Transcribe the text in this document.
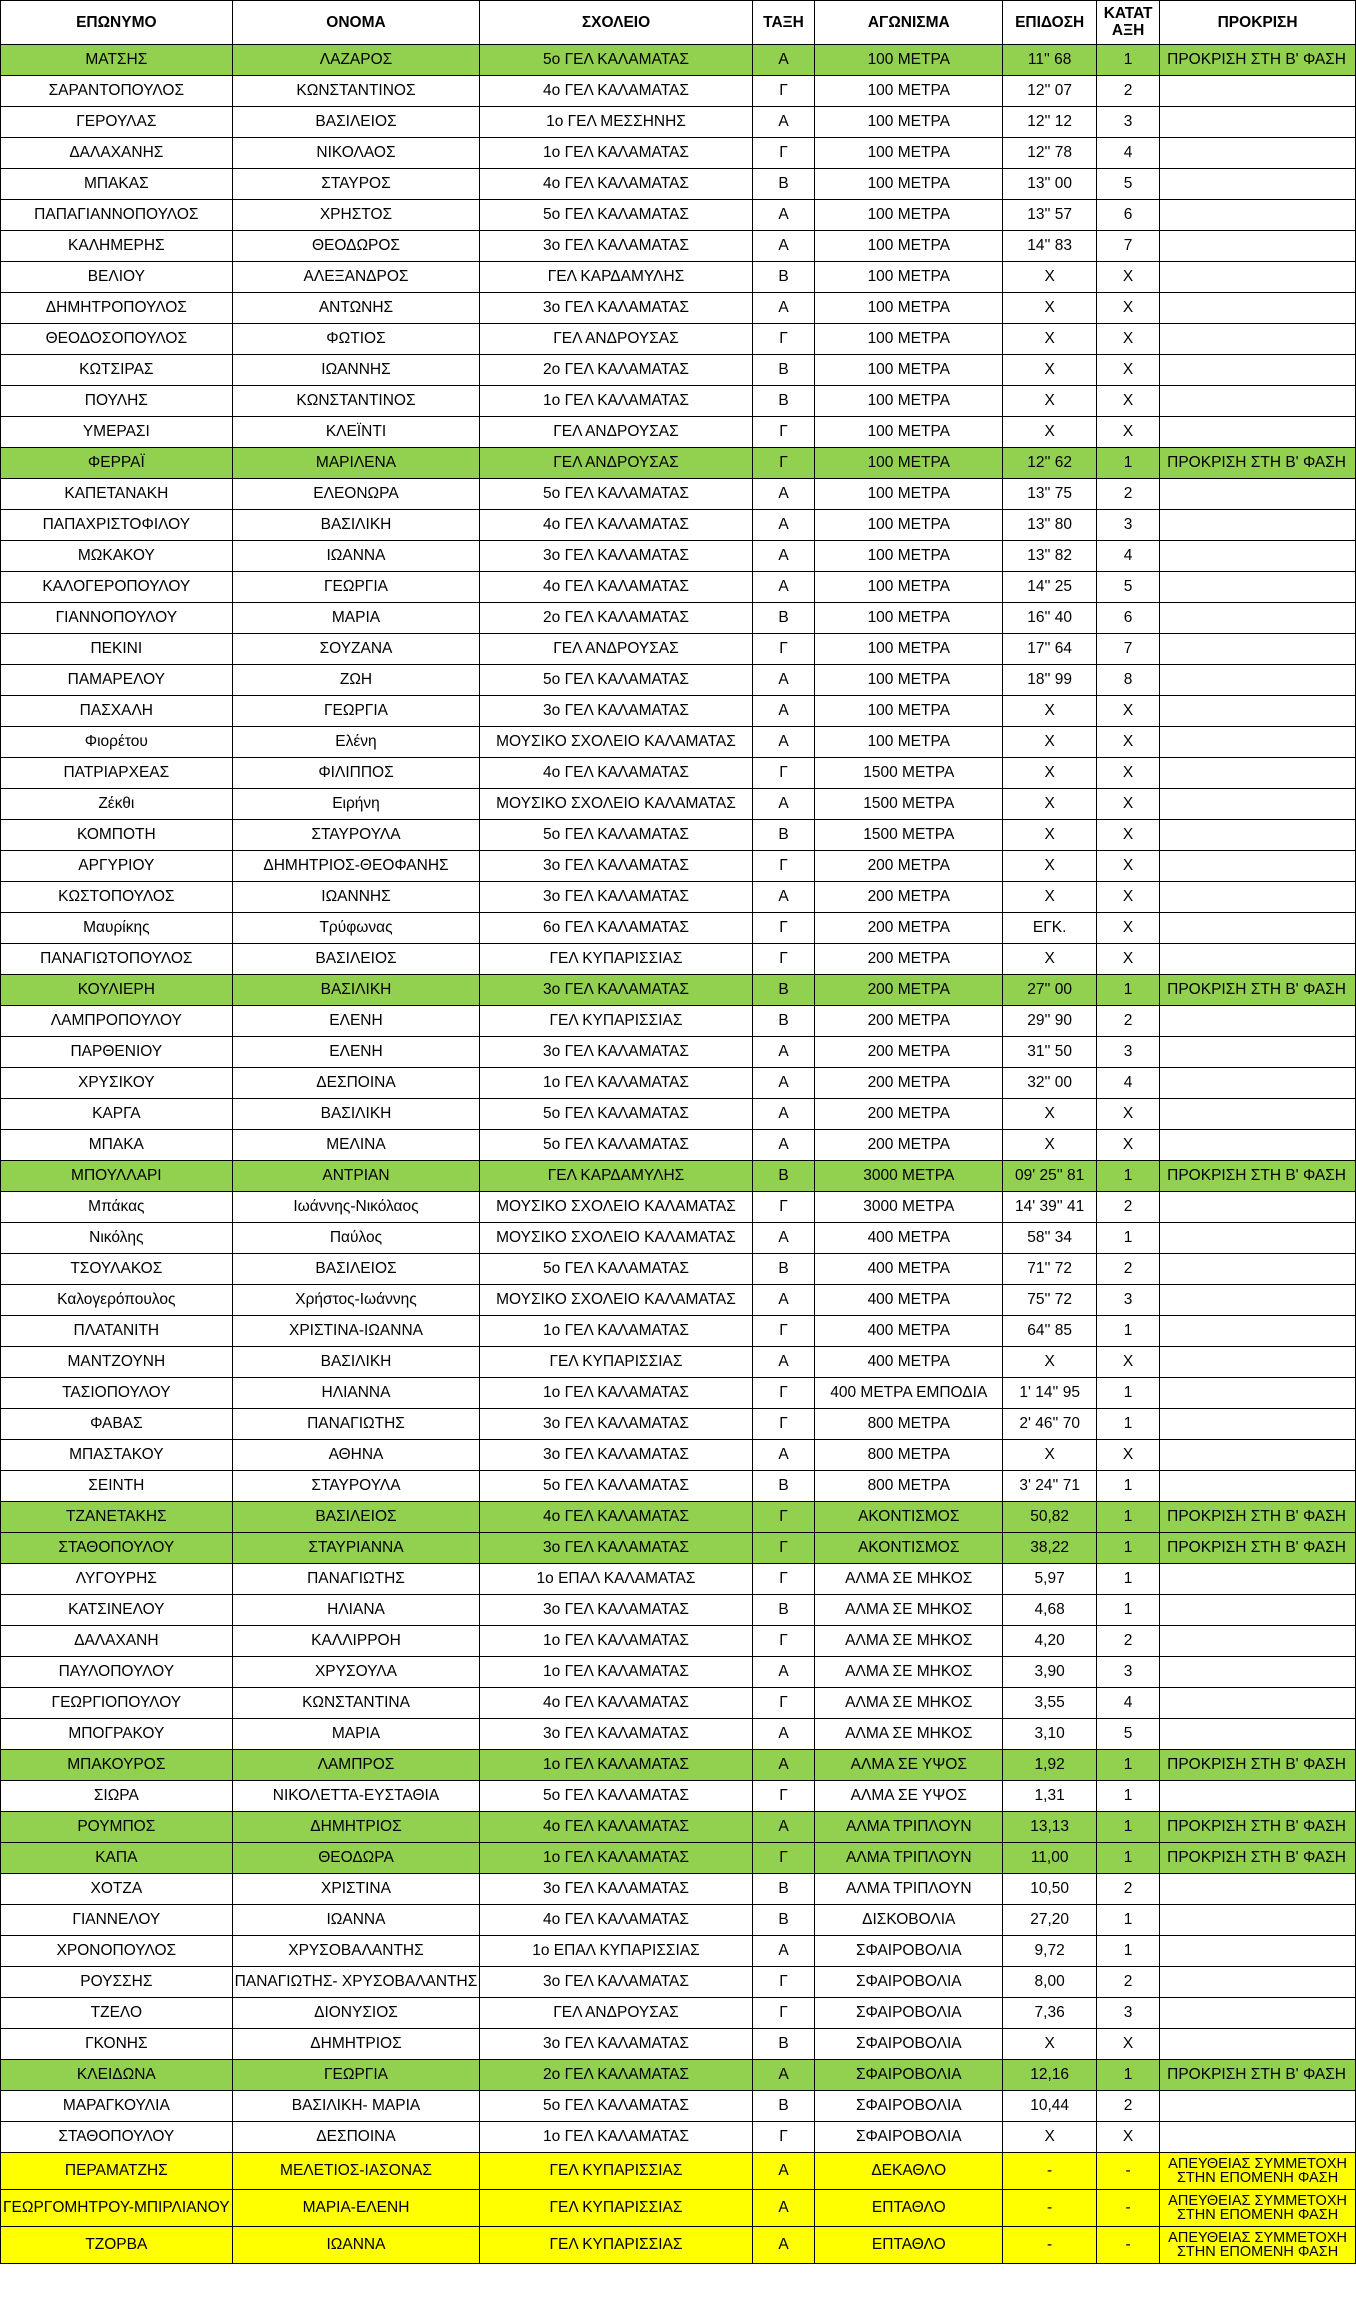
ΕΠΩΝΥΜΟ	ΟΝΟΜΑ	ΣΧΟΛΕΙΟ	ΤΑΞΗ	ΑΓΩΝΙΣΜΑ	ΕΠΙΔΟΣΗ	ΚΑΤΑΤ ΑΞΗ	ΠΡΟΚΡΙΣΗ
ΜΑΤΣΗΣ	ΛΑΖΑΡΟΣ	5ο ΓΕΛ ΚΑΛΑΜΑΤΑΣ	Α	100 ΜΕΤΡΑ	11'' 68	1	ΠΡΟΚΡΙΣΗ ΣΤΗ Β' ΦΑΣΗ
ΣΑΡΑΝΤΟΠΟΥΛΟΣ	ΚΩΝΣΤΑΝΤΙΝΟΣ	4ο ΓΕΛ ΚΑΛΑΜΑΤΑΣ	Γ	100 ΜΕΤΡΑ	12'' 07	2	
ΓΕΡΟΥΛΑΣ	ΒΑΣΙΛΕΙΟΣ	1ο ΓΕΛ ΜΕΣΣΗΝΗΣ	Α	100 ΜΕΤΡΑ	12'' 12	3	
ΔΑΛΑΧΑΝΗΣ	ΝΙΚΟΛΑΟΣ	1ο ΓΕΛ ΚΑΛΑΜΑΤΑΣ	Γ	100 ΜΕΤΡΑ	12'' 78	4	
ΜΠΑΚΑΣ	ΣΤΑΥΡΟΣ	4ο ΓΕΛ ΚΑΛΑΜΑΤΑΣ	Β	100 ΜΕΤΡΑ	13'' 00	5	
ΠΑΠΑΓΙΑΝΝΟΠΟΥΛΟΣ	ΧΡΗΣΤΟΣ	5ο ΓΕΛ ΚΑΛΑΜΑΤΑΣ	Α	100 ΜΕΤΡΑ	13'' 57	6	
ΚΑΛΗΜΕΡΗΣ	ΘΕΟΔΩΡΟΣ	3ο ΓΕΛ ΚΑΛΑΜΑΤΑΣ	Α	100 ΜΕΤΡΑ	14'' 83	7	
ΒΕΛΙΟΥ	ΑΛΕΞΑΝΔΡΟΣ	ΓΕΛ ΚΑΡΔΑΜΥΛΗΣ	Β	100 ΜΕΤΡΑ	Χ	Χ	
ΔΗΜΗΤΡΟΠΟΥΛΟΣ	ΑΝΤΩΝΗΣ	3ο ΓΕΛ ΚΑΛΑΜΑΤΑΣ	Α	100 ΜΕΤΡΑ	Χ	Χ	
ΘΕΟΔΟΣΟΠΟΥΛΟΣ	ΦΩΤΙΟΣ	ΓΕΛ ΑΝΔΡΟΥΣΑΣ	Γ	100 ΜΕΤΡΑ	Χ	Χ	
ΚΩΤΣΙΡΑΣ	ΙΩΑΝΝΗΣ	2ο ΓΕΛ ΚΑΛΑΜΑΤΑΣ	Β	100 ΜΕΤΡΑ	Χ	Χ	
ΠΟΥΛΗΣ	ΚΩΝΣΤΑΝΤΙΝΟΣ	1ο ΓΕΛ ΚΑΛΑΜΑΤΑΣ	Β	100 ΜΕΤΡΑ	Χ	Χ	
ΥΜΕΡΑΣΙ	ΚΛΕΪΝΤΙ	ΓΕΛ ΑΝΔΡΟΥΣΑΣ	Γ	100 ΜΕΤΡΑ	Χ	Χ	
ΦΕΡΡΑΪ	ΜΑΡΙΛΕΝΑ	ΓΕΛ ΑΝΔΡΟΥΣΑΣ	Γ	100 ΜΕΤΡΑ	12'' 62	1	ΠΡΟΚΡΙΣΗ ΣΤΗ Β' ΦΑΣΗ
ΚΑΠΕΤΑΝΑΚΗ	ΕΛΕΟΝΩΡΑ	5ο ΓΕΛ ΚΑΛΑΜΑΤΑΣ	Α	100 ΜΕΤΡΑ	13'' 75	2	
ΠΑΠΑΧΡΙΣΤΟΦΙΛΟΥ	ΒΑΣΙΛΙΚΗ	4ο ΓΕΛ ΚΑΛΑΜΑΤΑΣ	Α	100 ΜΕΤΡΑ	13'' 80	3	
ΜΩΚΑΚΟΥ	ΙΩΑΝΝΑ	3ο ΓΕΛ ΚΑΛΑΜΑΤΑΣ	Α	100 ΜΕΤΡΑ	13'' 82	4	
ΚΑΛΟΓΕΡΟΠΟΥΛΟΥ	ΓΕΩΡΓΙΑ	4ο ΓΕΛ ΚΑΛΑΜΑΤΑΣ	Α	100 ΜΕΤΡΑ	14'' 25	5	
ΓΙΑΝΝΟΠΟΥΛΟΥ	ΜΑΡΙΑ	2ο ΓΕΛ ΚΑΛΑΜΑΤΑΣ	Β	100 ΜΕΤΡΑ	16'' 40	6	
ΠΕΚΙΝΙ	ΣΟΥΖΑΝΑ	ΓΕΛ ΑΝΔΡΟΥΣΑΣ	Γ	100 ΜΕΤΡΑ	17'' 64	7	
ΠΑΜΑΡΕΛΟΥ	ΖΩΗ	5ο ΓΕΛ ΚΑΛΑΜΑΤΑΣ	Α	100 ΜΕΤΡΑ	18'' 99	8	
ΠΑΣΧΑΛΗ	ΓΕΩΡΓΙΑ	3ο ΓΕΛ ΚΑΛΑΜΑΤΑΣ	Α	100 ΜΕΤΡΑ	Χ	Χ	
Φιορέτου	Ελένη	ΜΟΥΣΙΚΟ ΣΧΟΛΕΙΟ ΚΑΛΑΜΑΤΑΣ	Α	100 ΜΕΤΡΑ	Χ	Χ	
ΠΑΤΡΙΑΡΧΕΑΣ	ΦΙΛΙΠΠΟΣ	4ο ΓΕΛ ΚΑΛΑΜΑΤΑΣ	Γ	1500 ΜΕΤΡΑ	Χ	Χ	
Ζέκθι	Ειρήνη	ΜΟΥΣΙΚΟ ΣΧΟΛΕΙΟ ΚΑΛΑΜΑΤΑΣ	Α	1500 ΜΕΤΡΑ	Χ	Χ	
ΚΟΜΠΟΤΗ	ΣΤΑΥΡΟΥΛΑ	5ο ΓΕΛ ΚΑΛΑΜΑΤΑΣ	Β	1500 ΜΕΤΡΑ	Χ	Χ	
ΑΡΓΥΡΙΟΥ	ΔΗΜΗΤΡΙΟΣ-ΘΕΟΦΑΝΗΣ	3ο ΓΕΛ ΚΑΛΑΜΑΤΑΣ	Γ	200 ΜΕΤΡΑ	Χ	Χ	
ΚΩΣΤΟΠΟΥΛΟΣ	ΙΩΑΝΝΗΣ	3ο ΓΕΛ ΚΑΛΑΜΑΤΑΣ	Α	200 ΜΕΤΡΑ	Χ	Χ	
Μαυρίκης	Τρύφωνας	6ο ΓΕΛ ΚΑΛΑΜΑΤΑΣ	Γ	200 ΜΕΤΡΑ	ΕΓΚ.	Χ	
ΠΑΝΑΓΙΩΤΟΠΟΥΛΟΣ	ΒΑΣΙΛΕΙΟΣ	ΓΕΛ ΚΥΠΑΡΙΣΣΙΑΣ	Γ	200 ΜΕΤΡΑ	Χ	Χ	
ΚΟΥΛΙΕΡΗ	ΒΑΣΙΛΙΚΗ	3ο ΓΕΛ ΚΑΛΑΜΑΤΑΣ	Β	200 ΜΕΤΡΑ	27'' 00	1	ΠΡΟΚΡΙΣΗ ΣΤΗ Β' ΦΑΣΗ
ΛΑΜΠΡΟΠΟΥΛΟΥ	ΕΛΕΝΗ	ΓΕΛ ΚΥΠΑΡΙΣΣΙΑΣ	Β	200 ΜΕΤΡΑ	29'' 90	2	
ΠΑΡΘΕΝΙΟΥ	ΕΛΕΝΗ	3ο ΓΕΛ ΚΑΛΑΜΑΤΑΣ	Α	200 ΜΕΤΡΑ	31'' 50	3	
ΧΡΥΣΙΚΟΥ	ΔΕΣΠΟΙΝΑ	1ο ΓΕΛ ΚΑΛΑΜΑΤΑΣ	Α	200 ΜΕΤΡΑ	32'' 00	4	
ΚΑΡΓΑ	ΒΑΣΙΛΙΚΗ	5ο ΓΕΛ ΚΑΛΑΜΑΤΑΣ	Α	200 ΜΕΤΡΑ	Χ	Χ	
ΜΠΑΚΑ	ΜΕΛΙΝΑ	5ο ΓΕΛ ΚΑΛΑΜΑΤΑΣ	Α	200 ΜΕΤΡΑ	Χ	Χ	
ΜΠΟΥΛΛΑΡΙ	ΑΝΤΡΙΑΝ	ΓΕΛ ΚΑΡΔΑΜΥΛΗΣ	Β	3000 ΜΕΤΡΑ	09' 25'' 81	1	ΠΡΟΚΡΙΣΗ ΣΤΗ Β' ΦΑΣΗ
Μπάκας	Ιωάννης-Νικόλαος	ΜΟΥΣΙΚΟ ΣΧΟΛΕΙΟ ΚΑΛΑΜΑΤΑΣ	Γ	3000 ΜΕΤΡΑ	14' 39'' 41	2	
Νικόλης	Παύλος	ΜΟΥΣΙΚΟ ΣΧΟΛΕΙΟ ΚΑΛΑΜΑΤΑΣ	Α	400 ΜΕΤΡΑ	58'' 34	1	
ΤΣΟΥΛΑΚΟΣ	ΒΑΣΙΛΕΙΟΣ	5ο ΓΕΛ ΚΑΛΑΜΑΤΑΣ	Β	400 ΜΕΤΡΑ	71'' 72	2	
Καλογερόπουλος	Χρήστος-Ιωάννης	ΜΟΥΣΙΚΟ ΣΧΟΛΕΙΟ ΚΑΛΑΜΑΤΑΣ	Α	400 ΜΕΤΡΑ	75'' 72	3	
ΠΛΑΤΑΝΙΤΗ	ΧΡΙΣΤΙΝΑ-ΙΩΑΝΝΑ	1ο ΓΕΛ ΚΑΛΑΜΑΤΑΣ	Γ	400 ΜΕΤΡΑ	64'' 85	1	
ΜΑΝΤΖΟΥΝΗ	ΒΑΣΙΛΙΚΗ	ΓΕΛ ΚΥΠΑΡΙΣΣΙΑΣ	Α	400 ΜΕΤΡΑ	Χ	Χ	
ΤΑΣΙΟΠΟΥΛΟΥ	ΗΛΙΑΝΝΑ	1ο ΓΕΛ ΚΑΛΑΜΑΤΑΣ	Γ	400 ΜΕΤΡΑ ΕΜΠΟΔΙΑ	1' 14'' 95	1	
ΦΑΒΑΣ	ΠΑΝΑΓΙΩΤΗΣ	3ο ΓΕΛ ΚΑΛΑΜΑΤΑΣ	Γ	800 ΜΕΤΡΑ	2' 46'' 70	1	
ΜΠΑΣΤΑΚΟΥ	ΑΘΗΝΑ	3ο ΓΕΛ ΚΑΛΑΜΑΤΑΣ	Α	800 ΜΕΤΡΑ	Χ	Χ	
ΣΕΙΝΤΗ	ΣΤΑΥΡΟΥΛΑ	5ο ΓΕΛ ΚΑΛΑΜΑΤΑΣ	Β	800 ΜΕΤΡΑ	3' 24'' 71	1	
ΤΖΑΝΕΤΑΚΗΣ	ΒΑΣΙΛΕΙΟΣ	4ο ΓΕΛ ΚΑΛΑΜΑΤΑΣ	Γ	ΑΚΟΝΤΙΣΜΟΣ	50,82	1	ΠΡΟΚΡΙΣΗ ΣΤΗ Β' ΦΑΣΗ
ΣΤΑΘΟΠΟΥΛΟΥ	ΣΤΑΥΡΙΑΝΝΑ	3ο ΓΕΛ ΚΑΛΑΜΑΤΑΣ	Γ	ΑΚΟΝΤΙΣΜΟΣ	38,22	1	ΠΡΟΚΡΙΣΗ ΣΤΗ Β' ΦΑΣΗ
ΛΥΓΟΥΡΗΣ	ΠΑΝΑΓΙΩΤΗΣ	1ο ΕΠΑΛ ΚΑΛΑΜΑΤΑΣ	Γ	ΑΛΜΑ ΣΕ ΜΗΚΟΣ	5,97	1	
ΚΑΤΣΙΝΕΛΟΥ	ΗΛΙΑΝΑ	3ο ΓΕΛ ΚΑΛΑΜΑΤΑΣ	Β	ΑΛΜΑ ΣΕ ΜΗΚΟΣ	4,68	1	
ΔΑΛΑΧΑΝΗ	ΚΑΛΛΙΡΡΟΗ	1ο ΓΕΛ ΚΑΛΑΜΑΤΑΣ	Γ	ΑΛΜΑ ΣΕ ΜΗΚΟΣ	4,20	2	
ΠΑΥΛΟΠΟΥΛΟΥ	ΧΡΥΣΟΥΛΑ	1ο ΓΕΛ ΚΑΛΑΜΑΤΑΣ	Α	ΑΛΜΑ ΣΕ ΜΗΚΟΣ	3,90	3	
ΓΕΩΡΓΙΟΠΟΥΛΟΥ	ΚΩΝΣΤΑΝΤΙΝΑ	4ο ΓΕΛ ΚΑΛΑΜΑΤΑΣ	Γ	ΑΛΜΑ ΣΕ ΜΗΚΟΣ	3,55	4	
ΜΠΟΓΡΑΚΟΥ	ΜΑΡΙΑ	3ο ΓΕΛ ΚΑΛΑΜΑΤΑΣ	Α	ΑΛΜΑ ΣΕ ΜΗΚΟΣ	3,10	5	
ΜΠΑΚΟΥΡΟΣ	ΛΑΜΠΡΟΣ	1ο ΓΕΛ ΚΑΛΑΜΑΤΑΣ	Α	ΑΛΜΑ ΣΕ ΥΨΟΣ	1,92	1	ΠΡΟΚΡΙΣΗ ΣΤΗ Β' ΦΑΣΗ
ΣΙΩΡΑ	ΝΙΚΟΛΕΤΤΑ-ΕΥΣΤΑΘΙΑ	5ο ΓΕΛ ΚΑΛΑΜΑΤΑΣ	Γ	ΑΛΜΑ ΣΕ ΥΨΟΣ	1,31	1	
ΡΟΥΜΠΟΣ	ΔΗΜΗΤΡΙΟΣ	4ο ΓΕΛ ΚΑΛΑΜΑΤΑΣ	Α	ΑΛΜΑ ΤΡΙΠΛΟΥΝ	13,13	1	ΠΡΟΚΡΙΣΗ ΣΤΗ Β' ΦΑΣΗ
ΚΑΠΑ	ΘΕΟΔΩΡΑ	1ο ΓΕΛ ΚΑΛΑΜΑΤΑΣ	Γ	ΑΛΜΑ ΤΡΙΠΛΟΥΝ	11,00	1	ΠΡΟΚΡΙΣΗ ΣΤΗ Β' ΦΑΣΗ
ΧΟΤΖΑ	ΧΡΙΣΤΙΝΑ	3ο ΓΕΛ ΚΑΛΑΜΑΤΑΣ	Β	ΑΛΜΑ ΤΡΙΠΛΟΥΝ	10,50	2	
ΓΙΑΝΝΕΛΟΥ	ΙΩΑΝΝΑ	4ο ΓΕΛ ΚΑΛΑΜΑΤΑΣ	Β	ΔΙΣΚΟΒΟΛΙΑ	27,20	1	
ΧΡΟΝΟΠΟΥΛΟΣ	ΧΡΥΣΟΒΑΛΑΝΤΗΣ	1ο ΕΠΑΛ ΚΥΠΑΡΙΣΣΙΑΣ	Α	ΣΦΑΙΡΟΒΟΛΙΑ	9,72	1	
ΡΟΥΣΣΗΣ	ΠΑΝΑΓΙΩΤΗΣ- ΧΡΥΣΟΒΑΛΑΝΤΗΣ	3ο ΓΕΛ ΚΑΛΑΜΑΤΑΣ	Γ	ΣΦΑΙΡΟΒΟΛΙΑ	8,00	2	
ΤΖΕΛΟ	ΔΙΟΝΥΣΙΟΣ	ΓΕΛ ΑΝΔΡΟΥΣΑΣ	Γ	ΣΦΑΙΡΟΒΟΛΙΑ	7,36	3	
ΓΚΟΝΗΣ	ΔΗΜΗΤΡΙΟΣ	3ο ΓΕΛ ΚΑΛΑΜΑΤΑΣ	Β	ΣΦΑΙΡΟΒΟΛΙΑ	Χ	Χ	
ΚΛΕΙΔΩΝΑ	ΓΕΩΡΓΙΑ	2ο ΓΕΛ ΚΑΛΑΜΑΤΑΣ	Α	ΣΦΑΙΡΟΒΟΛΙΑ	12,16	1	ΠΡΟΚΡΙΣΗ ΣΤΗ Β' ΦΑΣΗ
ΜΑΡΑΓΚΟΥΛΙΑ	ΒΑΣΙΛΙΚΗ- ΜΑΡΙΑ	5ο ΓΕΛ ΚΑΛΑΜΑΤΑΣ	Β	ΣΦΑΙΡΟΒΟΛΙΑ	10,44	2	
ΣΤΑΘΟΠΟΥΛΟΥ	ΔΕΣΠΟΙΝΑ	1ο ΓΕΛ ΚΑΛΑΜΑΤΑΣ	Γ	ΣΦΑΙΡΟΒΟΛΙΑ	Χ	Χ	
ΠΕΡΑΜΑΤΖΗΣ	ΜΕΛΕΤΙΟΣ-ΙΑΣΟΝΑΣ	ΓΕΛ ΚΥΠΑΡΙΣΣΙΑΣ	Α	ΔΕΚΑΘΛΟ	-	-	ΑΠΕΥΘΕΙΑΣ ΣΥΜΜΕΤΟΧΗ ΣΤΗΝ ΕΠΟΜΕΝΗ ΦΑΣΗ
ΓΕΩΡΓΟΜΗΤΡΟΥ-ΜΠΙΡΛΙΑΝΟΥ	ΜΑΡΙΑ-ΕΛΕΝΗ	ΓΕΛ ΚΥΠΑΡΙΣΣΙΑΣ	Α	ΕΠΤΑΘΛΟ	-	-	ΑΠΕΥΘΕΙΑΣ ΣΥΜΜΕΤΟΧΗ ΣΤΗΝ ΕΠΟΜΕΝΗ ΦΑΣΗ
ΤΖΟΡΒΑ	ΙΩΑΝΝΑ	ΓΕΛ ΚΥΠΑΡΙΣΣΙΑΣ	Α	ΕΠΤΑΘΛΟ	-	-	ΑΠΕΥΘΕΙΑΣ ΣΥΜΜΕΤΟΧΗ ΣΤΗΝ ΕΠΟΜΕΝΗ ΦΑΣΗ
